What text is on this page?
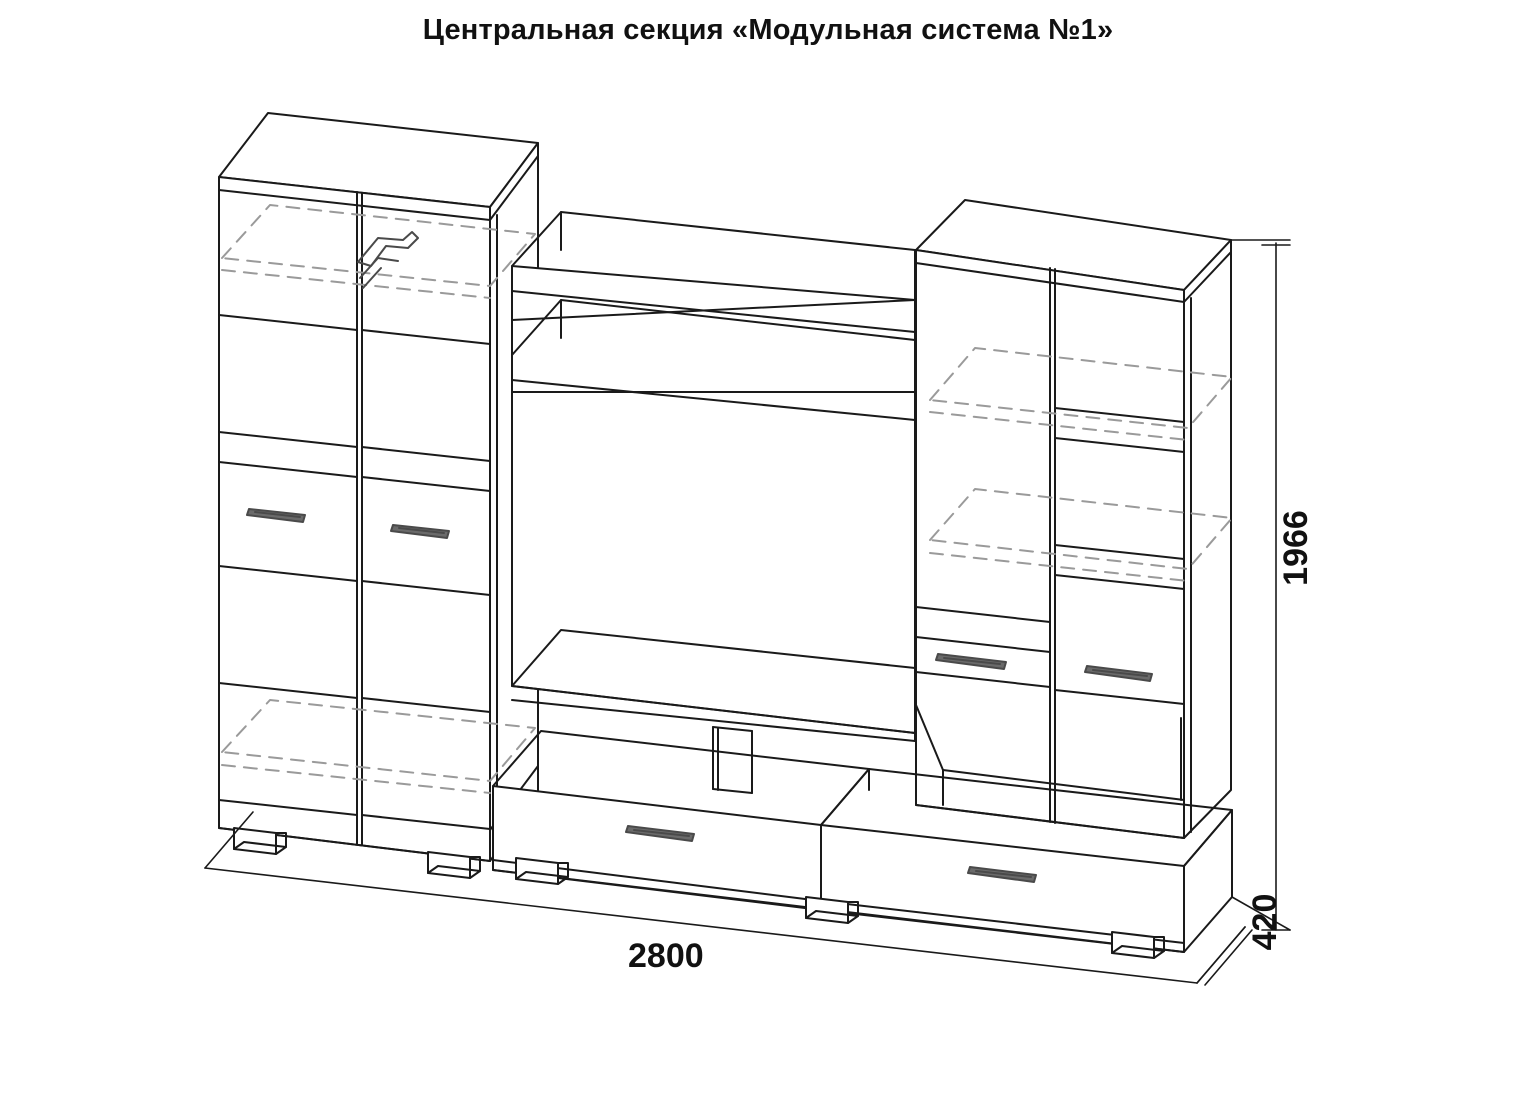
Центральная секция «Модульная система №1»
2800
1966
420
